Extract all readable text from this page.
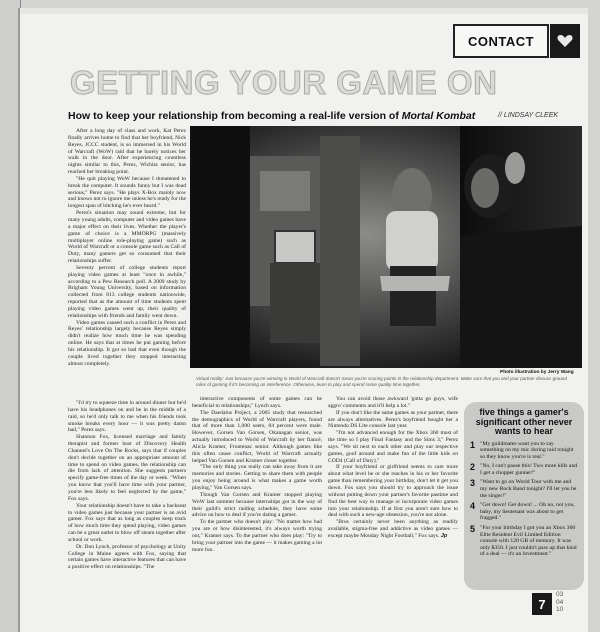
CONTACT
GETTING YOUR GAME ON
How to keep your relationship from becoming a real-life version of Mortal Kombat	// LINDSAY CLEEK

After a long day of class and work, Kat Perez finally arrives home to find that her boyfriend, Nick Reyes, JCCC student, is so immersed in his World of Warcraft (WoW) raid that he barely notices her walk in the door. After experiencing countless nights similar to this, Perez, Wichita senior, has reached her breaking point.

"He quit playing WoW because I threatened to break the computer. It sounds funny but I was dead serious," Perez says. "He plays X-Box mainly now and knows not to ignore me unless he's ready for the longest span of bitching he's ever heard."

Perez's situation may sound extreme, but for many young adults, computer and video games have a major effect on their lives. Whether the player's game of choice is a MMORPG (massively multiplayer online role-playing game) such as World of Warcraft or a console game such as Call of Duty, many gamers get so consumed that their relationships suffer.

Seventy percent of college students report playing video games at least "once in awhile," according to a Pew Research poll. A 2009 study by Brigham Young University, based on information collected from 813 college students nationwide, reported that as the amount of time students spent playing video games went up, their quality of relationships with friends and family went down.

Video games caused such a conflict in Perez and Reyes' relationship largely because Reyes simply didn't realize how much time he was spending online. He says that at times he put gaming before his relationship. It got so bad that even though the couple lived together they stopped interacting almost completely.

Photo illustration by Jerry Wang
Virtual reality: Just because you're winning in World of Warcraft doesn't mean you're scoring points in the relationship department. Make sure that you and your partner discuss ground rules of gaming if it's becoming an interference. Otherwise, learn to play and spend some quality time together.

"I'd try to squeeze time in around dinner but he'd have his headphones on and be in the middle of a raid, so he'd only talk to me when his friends took smoke breaks every hour — it was pretty damn bad," Perez says.

Shannon Fox, licensed marriage and family therapist and former host of Discovery Health Channel's Love On The Rocks, says that if couples don't decide together on an appropriate amount of time to spend on video games, the relationship can die from lack of attention. She suggests partners specify game-free times of the day or week. "When you know that you'll have time with your partner, you're less likely to feel neglected by the game," Fox says.

Your relationship doesn't have to take a backseat to video games just because your partner is an avid gamer. Fox says that as long as couples keep track of how much time they spend playing, video games can be a great outlet to blow off steam together after school or work.

Dr. Don Lynch, professor of psychology at Unity College in Maine agrees with Fox, saying that certain games have interactive features that can have a positive effect on relationships. "The

interactive components of some games can be beneficial to relationships," Lynch says.

The Daedalus Project, a 2005 study that researched the demographics of World of Warcraft players, found that of more than 1,000 users, 84 percent were male. However, Gorsen Van Gorsen, Okanagan senior, was actually introduced to World of Warcraft by her fiancé, Alicia Kramer, Frontenac senior. Although games like this often cause conflict, World of Warcraft actually helped Van Gorsen and Kramer closer together.

"The only thing you really can take away from it are memories and stories. Getting to share them with people you enjoy being around is what makes a game worth playing," Van Gorsen says.

Though Van Gorsen and Kramer stopped playing WoW last summer because internships got in the way of their guild's strict raiding schedule, they have some advice on how to deal if you're dating a gamer.

To the partner who doesn't play: "No matter how bad you are or how disinterested, it's always worth trying out," Kramer says. To the partner who does play: "Try to bring your partner into the game — it makes gaming a lot more fun.

You can avoid those awkward 'gotta go guys, wife aggro' comments and it'll help a lot."

If you don't like the same games as your partner, there are always alternatives. Perez's boyfriend bought her a Nintendo DS Lite console last year.

"I'm not advanced enough for the Xbox 360 most of the time so I play Final Fantasy and the Sims 3," Perez says. "We sit next to each other and play our respective games, goof around and make fun of the little kids on COD4 (Call of Duty)."

If your boyfriend or girlfriend seems to care more about what level he or she reaches in his or her favorite game than remembering your birthday, don't let it get you down. Fox says you should try to approach the issue without putting down your partner's favorite pastime and find the best way to manage or incorporate video games into your relationship. If at first you aren't sure how to deal with such a new-age obsession, you're not alone.

"Bros certainly never been anything as readily available, stigma-free and addictive as video games — except maybe Monday Night Football," Fox says. Jp

five things a gamer's significant other never wants to hear
1 "My guildmates want you to say something on my mic during raid tonight so they know you're is real."
2 "No, I can't pause this! Two more kills and I get a chopper gunner!"
3 "Want to go on World Tour with me and my new Rock Band tonight? I'll let you be the singer!"
4 "Get down! Get down! ... Oh no, not you, baby, my lieutenant was about to get fragged."
5 "For your birthday I got you an Xbox 360 Elite Resident Evil Limited Edition console with 120 GB of memory. It was only $350. I just couldn't pass up that kind of a deal — it's an investment."
7
03
04
10
